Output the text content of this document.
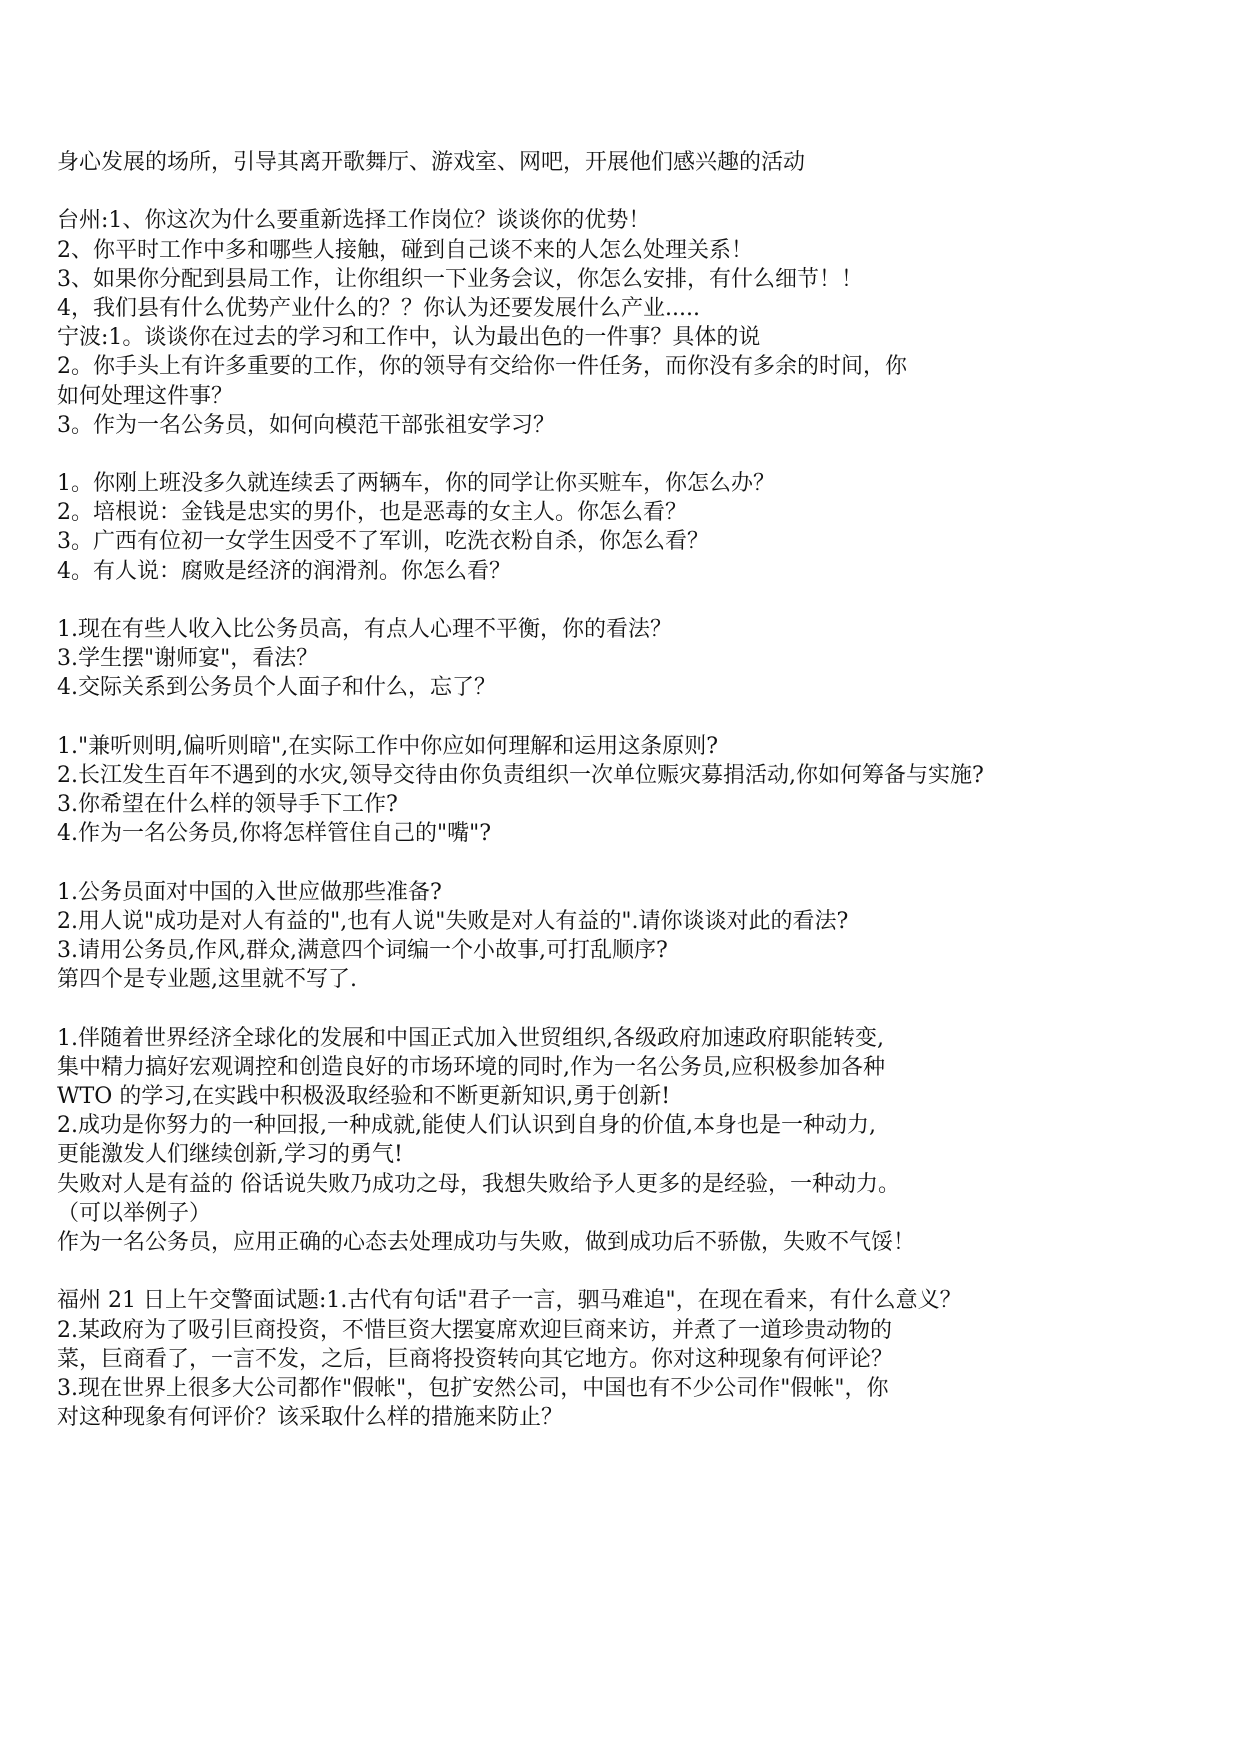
身心发展的场所，引导其离开歌舞厅、游戏室、网吧，开展他们感兴趣的活动
台州:1、你这次为什么要重新选择工作岗位？谈谈你的优势！
2、你平时工作中多和哪些人接触，碰到自己谈不来的人怎么处理关系！
3、如果你分配到县局工作，让你组织一下业务会议，你怎么安排，有什么细节！！
4，我们县有什么优势产业什么的？？你认为还要发展什么产业.....
宁波:1。谈谈你在过去的学习和工作中，认为最出色的一件事？具体的说
2。你手头上有许多重要的工作，你的领导有交给你一件任务，而你没有多余的时间，你
如何处理这件事？
3。作为一名公务员，如何向模范干部张祖安学习？
1。你刚上班没多久就连续丢了两辆车，你的同学让你买赃车，你怎么办？
2。培根说：金钱是忠实的男仆，也是恶毒的女主人。你怎么看？
3。广西有位初一女学生因受不了军训，吃洗衣粉自杀，你怎么看？
4。有人说：腐败是经济的润滑剂。你怎么看？
1.现在有些人收入比公务员高，有点人心理不平衡，你的看法？
3.学生摆"谢师宴"，看法？
4.交际关系到公务员个人面子和什么，忘了？
1."兼听则明,偏听则暗",在实际工作中你应如何理解和运用这条原则?
2.长江发生百年不遇到的水灾,领导交待由你负责组织一次单位赈灾募捐活动,你如何筹备与实施?
3.你希望在什么样的领导手下工作?
4.作为一名公务员,你将怎样管住自己的"嘴"?
1.公务员面对中国的入世应做那些准备?
2.用人说"成功是对人有益的",也有人说"失败是对人有益的".请你谈谈对此的看法?
3.请用公务员,作风,群众,满意四个词编一个小故事,可打乱顺序?
第四个是专业题,这里就不写了.
1.伴随着世界经济全球化的发展和中国正式加入世贸组织,各级政府加速政府职能转变,
集中精力搞好宏观调控和创造良好的市场环境的同时,作为一名公务员,应积极参加各种
WTO 的学习,在实践中积极汲取经验和不断更新知识,勇于创新!
2.成功是你努力的一种回报,一种成就,能使人们认识到自身的价值,本身也是一种动力,
更能激发人们继续创新,学习的勇气!
失败对人是有益的 俗话说失败乃成功之母，我想失败给予人更多的是经验，一种动力。
（可以举例子）
作为一名公务员，应用正确的心态去处理成功与失败，做到成功后不骄傲，失败不气馁！
福州 21 日上午交警面试题:1.古代有句话"君子一言，驷马难追"，在现在看来，有什么意义？
2.某政府为了吸引巨商投资，不惜巨资大摆宴席欢迎巨商来访，并煮了一道珍贵动物的
菜，巨商看了，一言不发，之后，巨商将投资转向其它地方。你对这种现象有何评论？
3.现在世界上很多大公司都作"假帐"，包扩安然公司，中国也有不少公司作"假帐"，你
对这种现象有何评价？该采取什么样的措施来防止？
